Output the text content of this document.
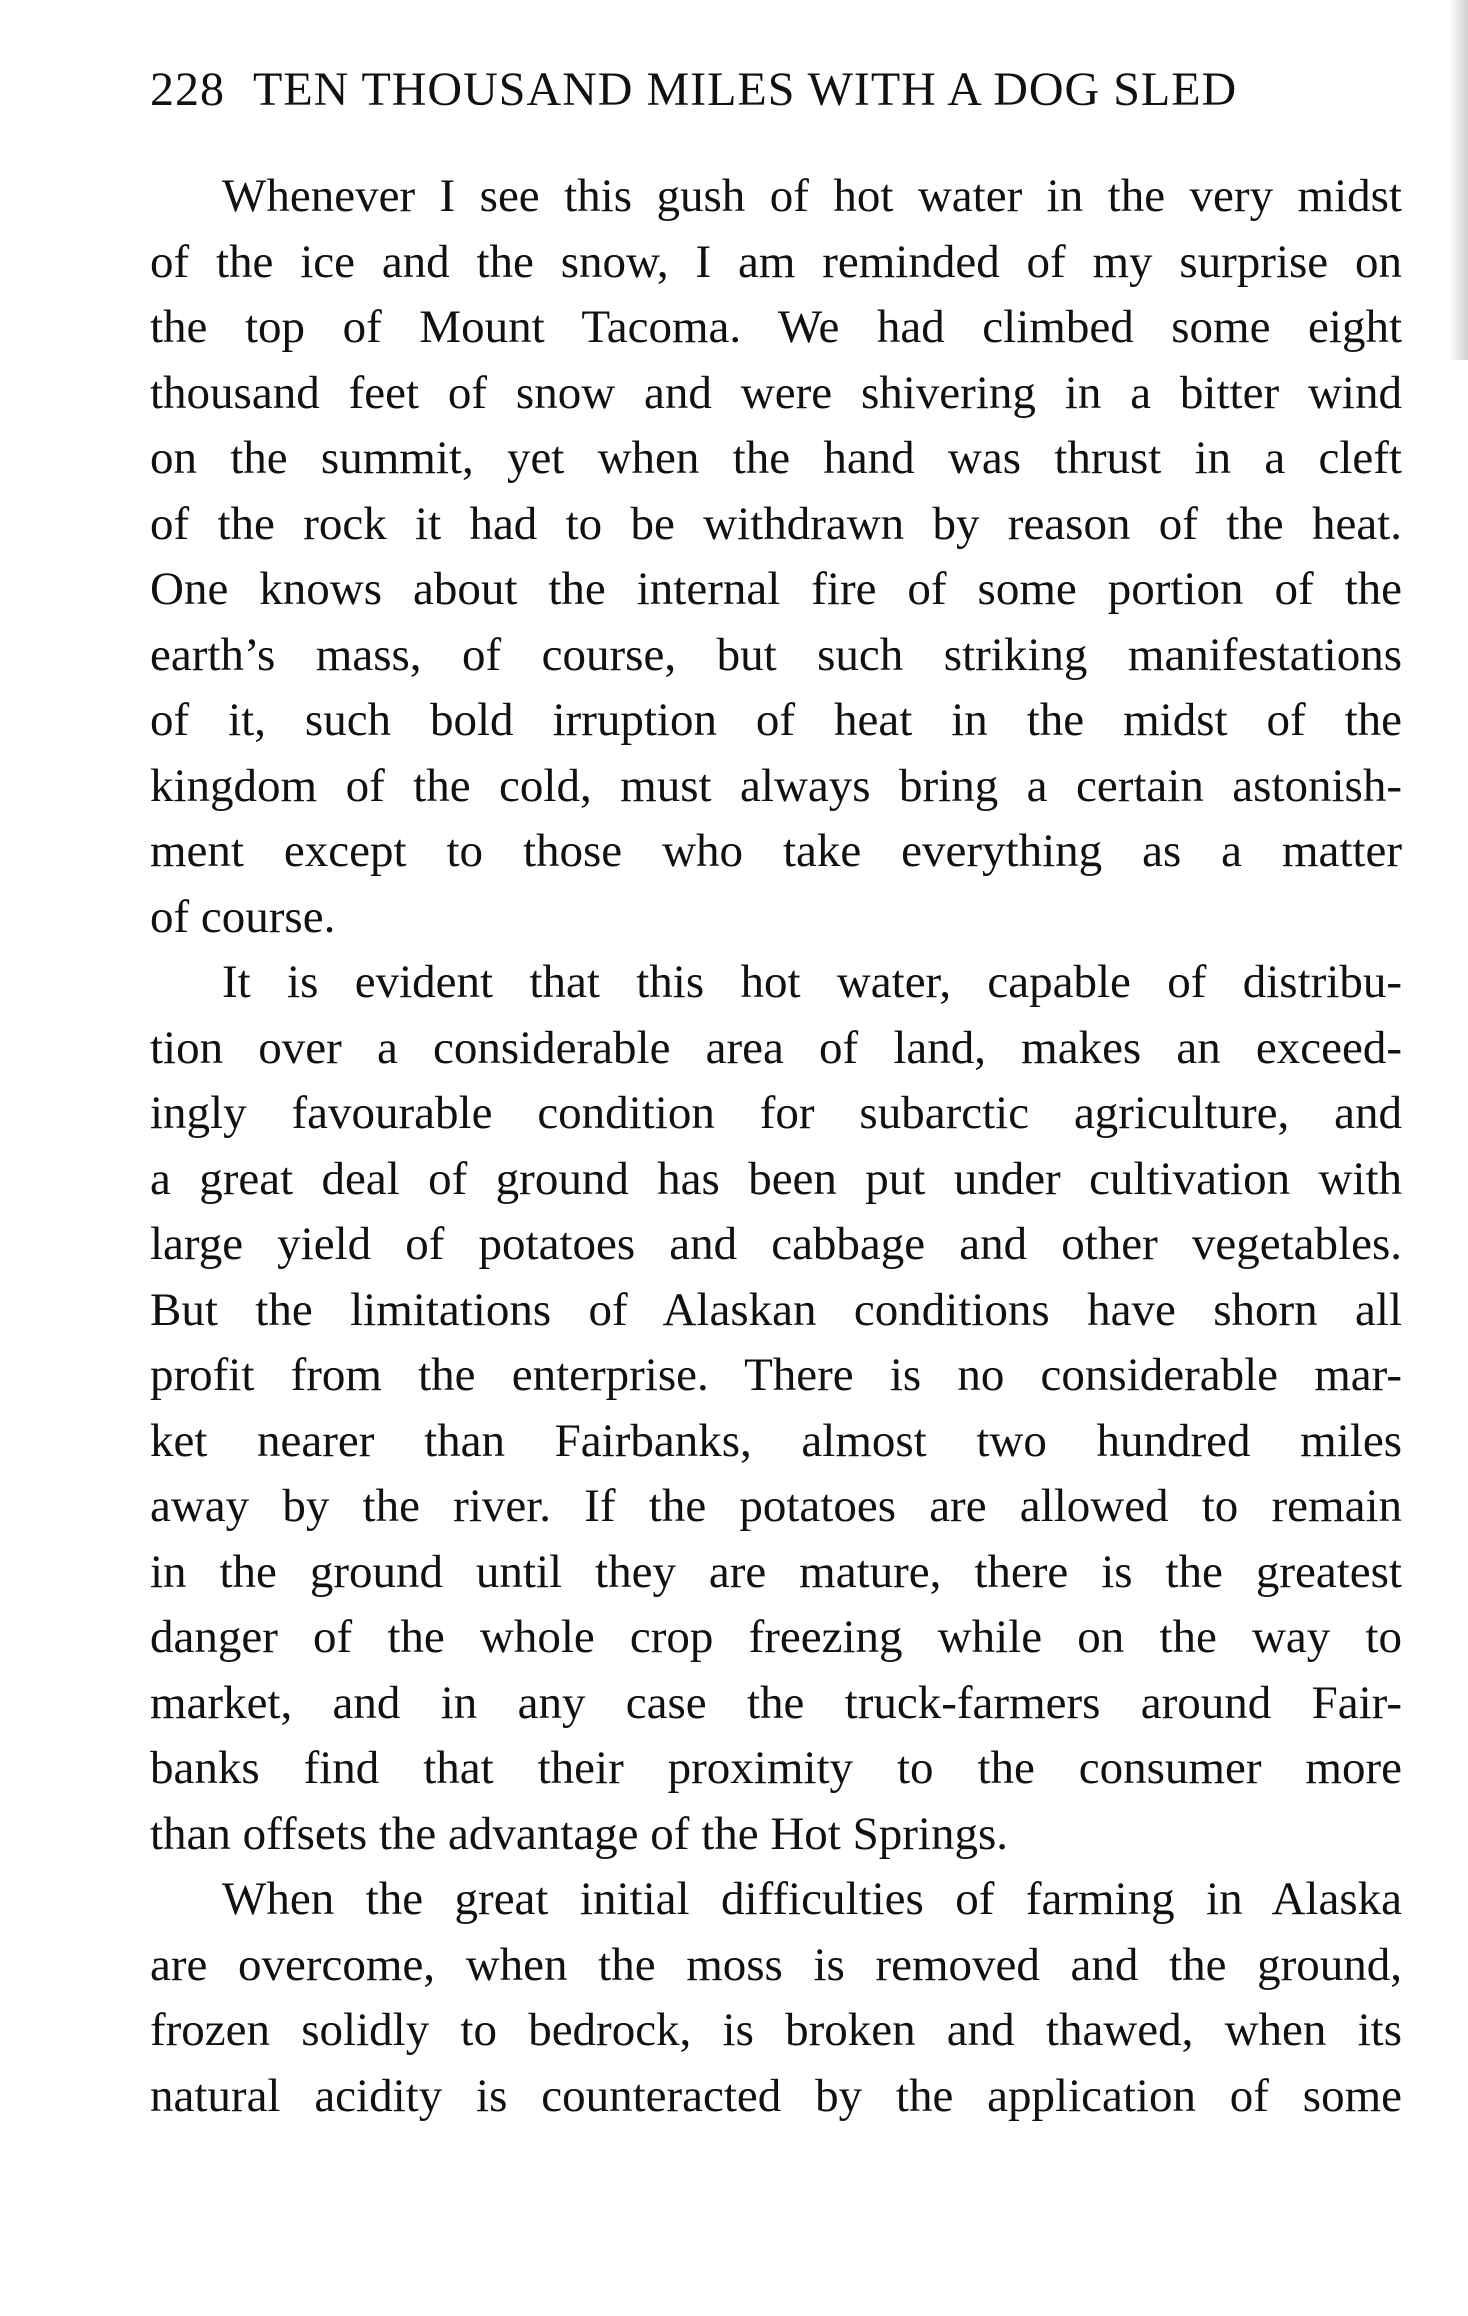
228 TEN THOUSAND MILES WITH A DOG SLED
Whenever I see this gush of hot water in the very midst
of the ice and the snow, I am reminded of my surprise on
the top of Mount Tacoma. We had climbed some eight
thousand feet of snow and were shivering in a bitter wind
on the summit, yet when the hand was thrust in a cleft
of the rock it had to be withdrawn by reason of the heat.
One knows about the internal fire of some portion of the
earth’s mass, of course, but such striking manifestations
of it, such bold irruption of heat in the midst of the
kingdom of the cold, must always bring a certain astonish-
ment except to those who take everything as a matter
of course.
It is evident that this hot water, capable of distribu-
tion over a considerable area of land, makes an exceed-
ingly favourable condition for subarctic agriculture, and
a great deal of ground has been put under cultivation with
large yield of potatoes and cabbage and other vegetables.
But the limitations of Alaskan conditions have shorn all
profit from the enterprise. There is no considerable mar-
ket nearer than Fairbanks, almost two hundred miles
away by the river. If the potatoes are allowed to remain
in the ground until they are mature, there is the greatest
danger of the whole crop freezing while on the way to
market, and in any case the truck-farmers around Fair-
banks find that their proximity to the consumer more
than offsets the advantage of the Hot Springs.
When the great initial difficulties of farming in Alaska
are overcome, when the moss is removed and the ground,
frozen solidly to bedrock, is broken and thawed, when its
natural acidity is counteracted by the application of some
